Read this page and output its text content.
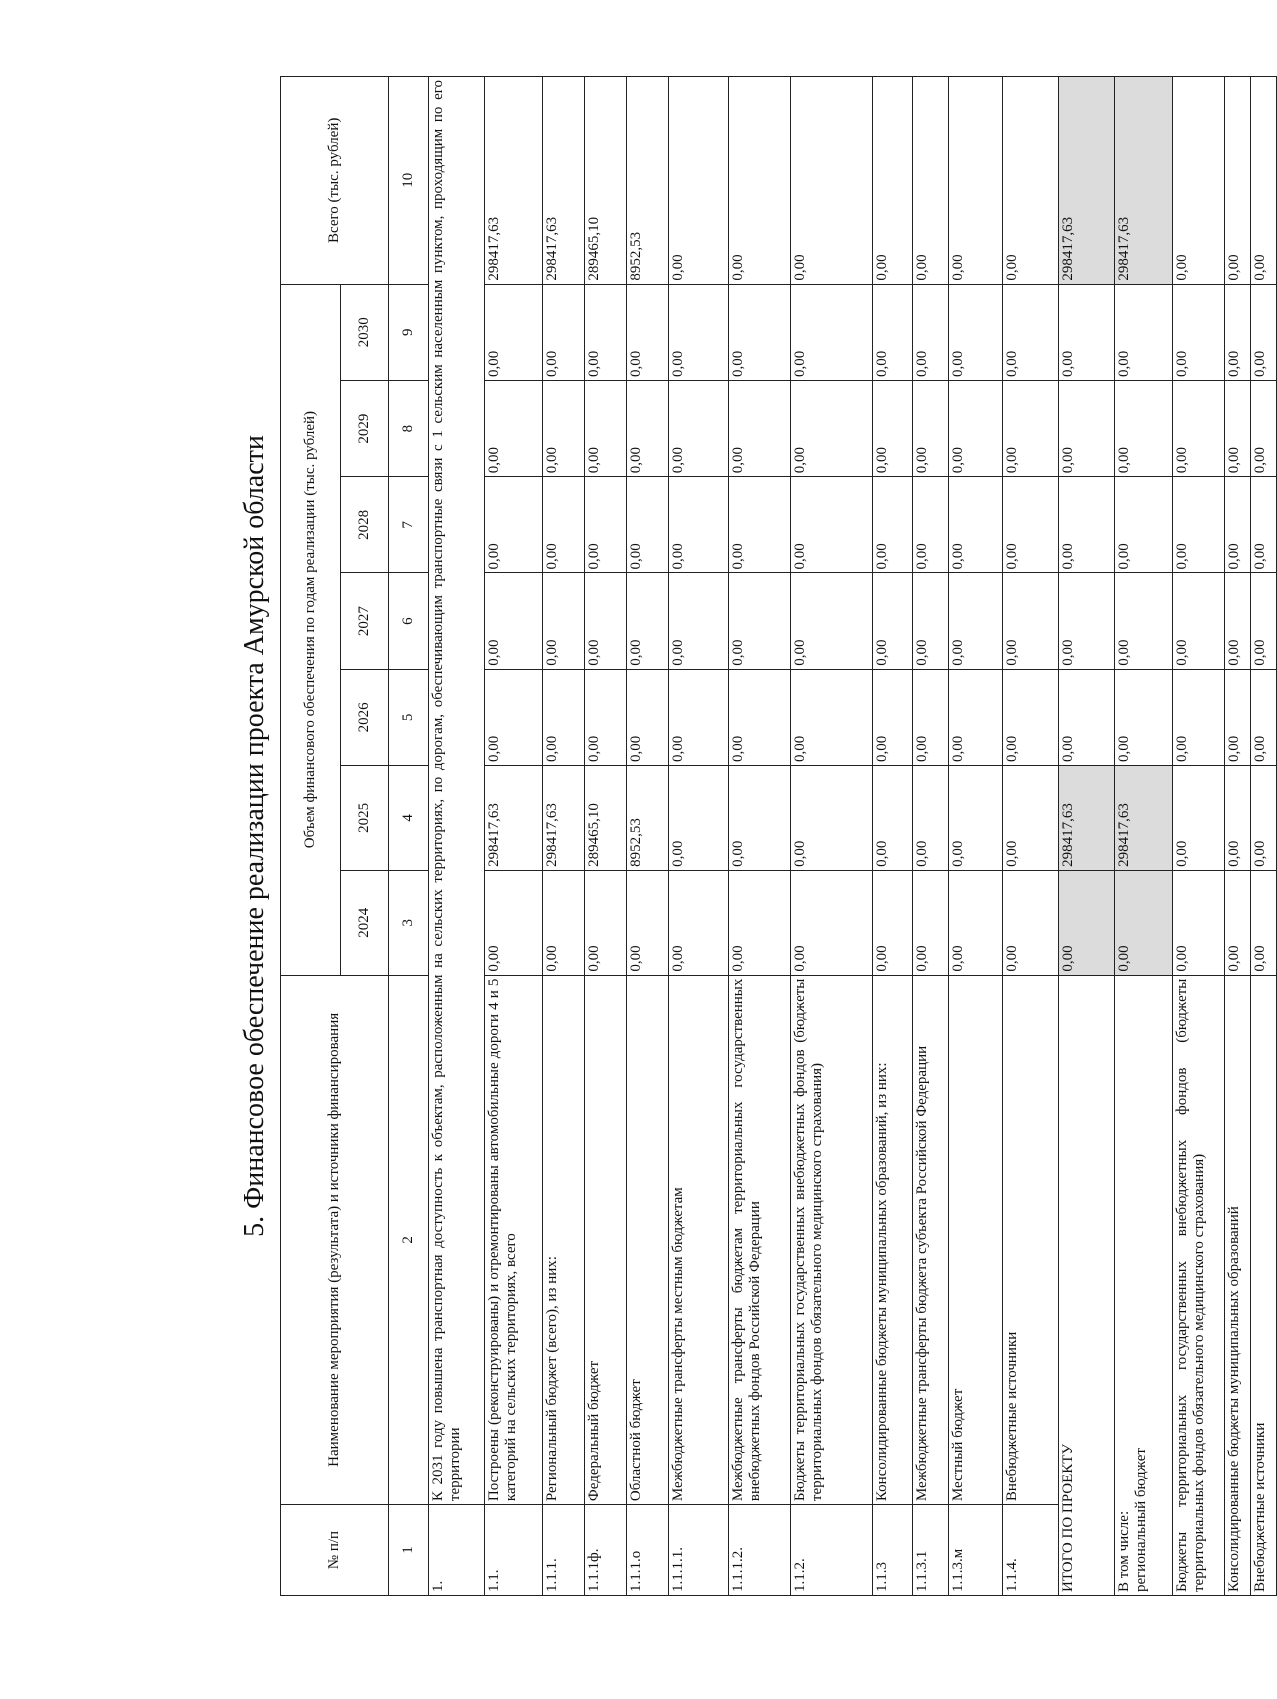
5. Финансовое обеспечение реализации проекта Амурской области
№ п/п	Наименование мероприятия (результата) и источники финансирования	Объем финансового обеспечения по годам реализации (тыс. рублей)							Всего (тыс. рублей)
		2024	2025	2026	2027	2028	2029	2030	
1	2	3	4	5	6	7	8	9	10
1.	К 2031 году повышена транспортная доступность к объектам, расположенным на сельских территориях, по дорогам, обеспечивающим транспортные связи с 1 сельским населенным пунктом, проходящим по его территории								
1.1.	Построены (реконструированы) и отремонтированы автомобильные дороги 4 и 5 категорий на сельских территориях, всего	0,00	298417,63	0,00	0,00	0,00	0,00	0,00	298417,63
1.1.1.	Региональный бюджет (всего), из них:	0,00	298417,63	0,00	0,00	0,00	0,00	0,00	298417,63
1.1.1ф.	Федеральный бюджет	0,00	289465,10	0,00	0,00	0,00	0,00	0,00	289465,10
1.1.1.о	Областной бюджет	0,00	8952,53	0,00	0,00	0,00	0,00	0,00	8952,53
1.1.1.1.	Межбюджетные трансферты местным бюджетам	0,00	0,00	0,00	0,00	0,00	0,00	0,00	0,00
1.1.1.2.	Межбюджетные трансферты бюджетам территориальных государственных внебюджетных фондов Российской Федерации	0,00	0,00	0,00	0,00	0,00	0,00	0,00	0,00
1.1.2.	Бюджеты территориальных государственных внебюджетных фондов (бюджеты территориальных фондов обязательного медицинского страхования)	0,00	0,00	0,00	0,00	0,00	0,00	0,00	0,00
1.1.3	Консолидированные бюджеты муниципальных образований, из них:	0,00	0,00	0,00	0,00	0,00	0,00	0,00	0,00
1.1.3.1	Межбюджетные трансферты бюджета субъекта Российской Федерации	0,00	0,00	0,00	0,00	0,00	0,00	0,00	0,00
1.1.3.м	Местный бюджет	0,00	0,00	0,00	0,00	0,00	0,00	0,00	0,00
1.1.4.	Внебюджетные источники	0,00	0,00	0,00	0,00	0,00	0,00	0,00	0,00
ИТОГО ПО ПРОЕКТУ		0,00	298417,63	0,00	0,00	0,00	0,00	0,00	298417,63
В том числе:
региональный бюджет		0,00	298417,63	0,00	0,00	0,00	0,00	0,00	298417,63
Бюджеты территориальных государственных внебюджетных фондов (бюджеты территориальных фондов обязательного медицинского страхования)		0,00	0,00	0,00	0,00	0,00	0,00	0,00	0,00
Консолидированные бюджеты муниципальных образований		0,00	0,00	0,00	0,00	0,00	0,00	0,00	0,00
Внебюджетные источники		0,00	0,00	0,00	0,00	0,00	0,00	0,00	0,00
